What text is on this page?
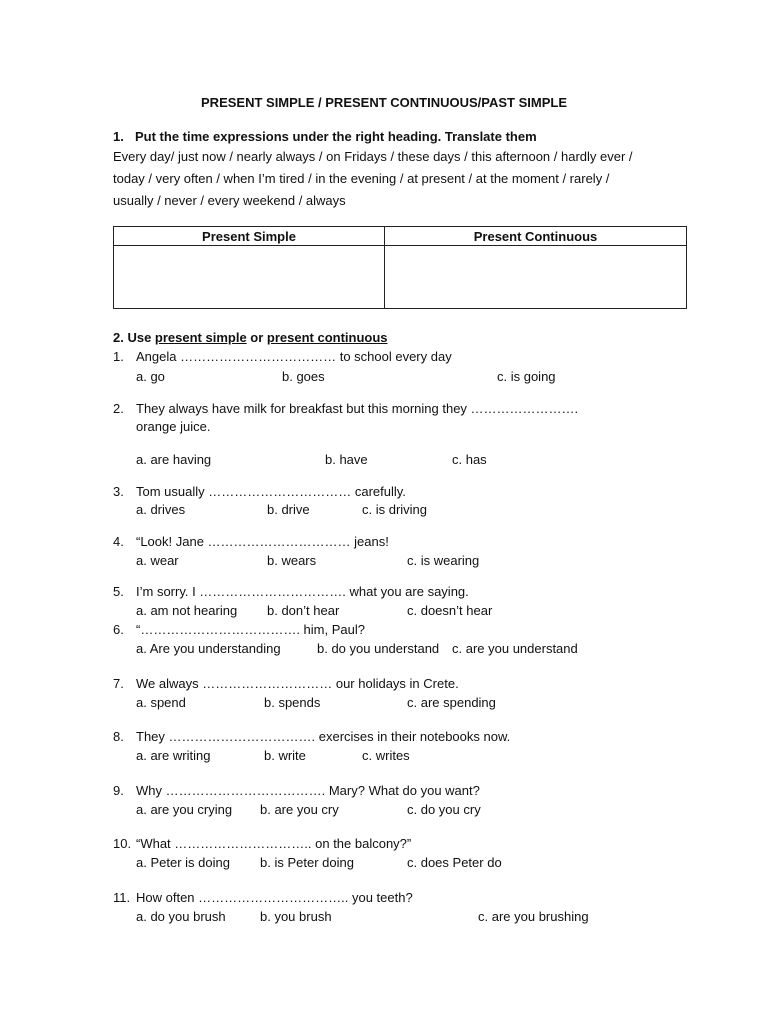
PRESENT SIMPLE / PRESENT CONTINUOUS/PAST SIMPLE
1. Put the time expressions under the right heading. Translate them
Every day/ just now / nearly always / on Fridays / these days / this afternoon / hardly ever /
today / very often / when I’m tired / in the evening / at present / at the moment / rarely /
usually / never / every weekend / always
Present Simple	Present Continuous

2. Use present simple or present continuous
1. Angela ……………………………… to school every day
a. go	b. goes	c. is going
2. They always have milk for breakfast but this morning they …………………….
orange juice.
a. are having	b. have	c. has
3. Tom usually …………………………… carefully.
a. drives	b. drive	c. is driving
4. “Look! Jane …………………………… jeans!
a. wear	b. wears	c. is wearing
5. I’m sorry. I ……………………………. what you are saying.
a. am not hearing b. don’t hear	c. doesn’t hear
6. “………………………………. him, Paul?
a. Are you understanding	b. do you understand c. are you understand
7. We always ………………………… our holidays in Crete.
a. spend	b. spends	c. are spending
8. They ……………………………. exercises in their notebooks now.
a. are writing	b. write	c. writes
9. Why ………………………………. Mary? What do you want?
a. are you crying b. are you cry	c. do you cry
10. “What ………………………….. on the balcony?”
a. Peter is doing b. is Peter doing	c. does Peter do
11. How often …………………………….. you teeth?
a. do you brush	b. you brush	c. are you brushing
